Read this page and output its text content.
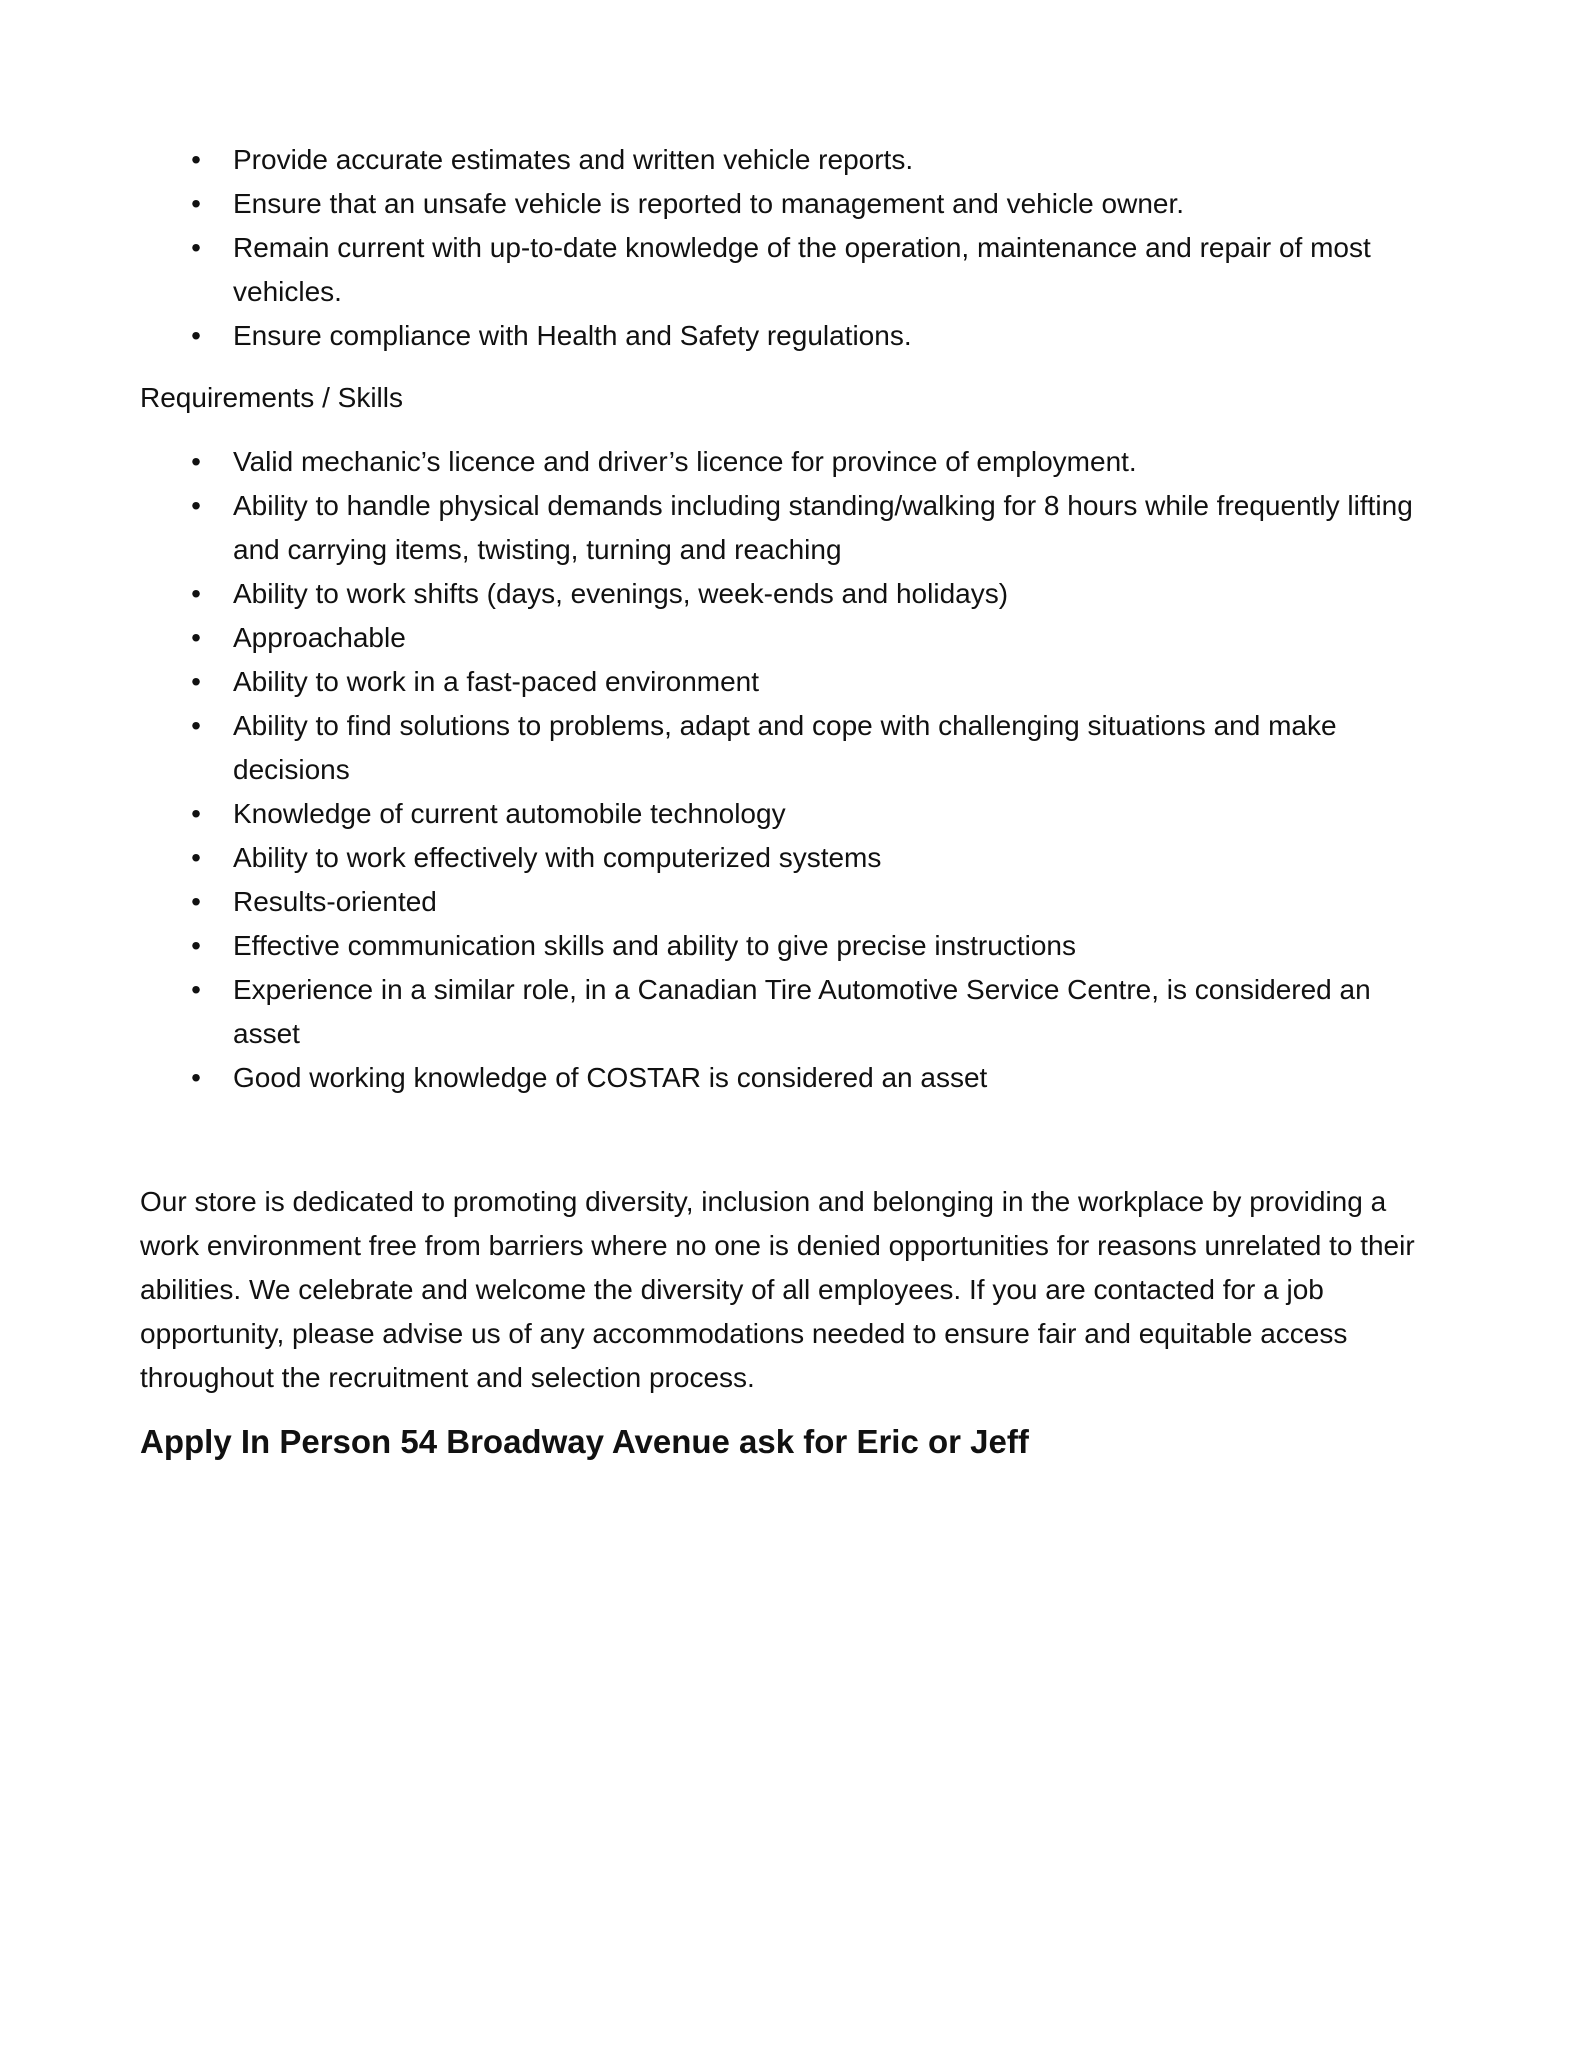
• Provide accurate estimates and written vehicle reports.
• Ensure that an unsafe vehicle is reported to management and vehicle owner.
• Remain current with up-to-date knowledge of the operation, maintenance and repair of most vehicles.
• Ensure compliance with Health and Safety regulations.
Requirements / Skills
• Valid mechanic’s licence and driver’s licence for province of employment.
• Ability to handle physical demands including standing/walking for 8 hours while frequently lifting and carrying items, twisting, turning and reaching
• Ability to work shifts (days, evenings, week-ends and holidays)
• Approachable
• Ability to work in a fast-paced environment
• Ability to find solutions to problems, adapt and cope with challenging situations and make decisions
• Knowledge of current automobile technology
• Ability to work effectively with computerized systems
• Results-oriented
• Effective communication skills and ability to give precise instructions
• Experience in a similar role, in a Canadian Tire Automotive Service Centre, is considered an asset
• Good working knowledge of COSTAR is considered an asset

Our store is dedicated to promoting diversity, inclusion and belonging in the workplace by providing a work environment free from barriers where no one is denied opportunities for reasons unrelated to their abilities. We celebrate and welcome the diversity of all employees. If you are contacted for a job opportunity, please advise us of any accommodations needed to ensure fair and equitable access throughout the recruitment and selection process.

Apply In Person 54 Broadway Avenue ask for Eric or Jeff
